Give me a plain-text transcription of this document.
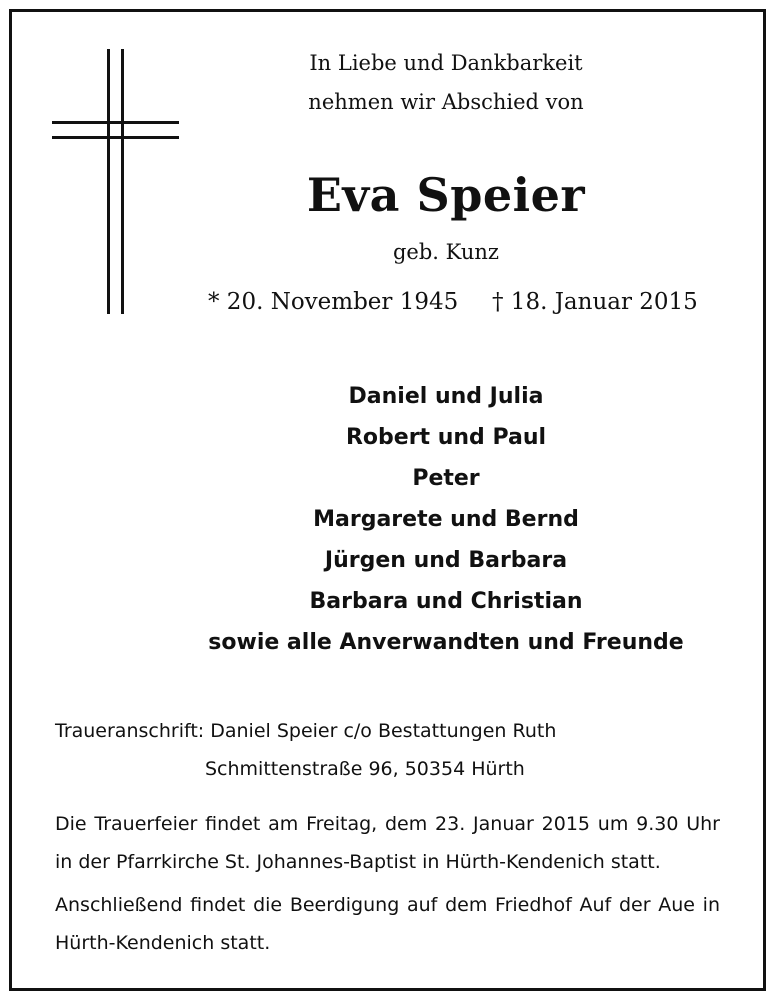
In Liebe und Dankbarkeit
nehmen wir Abschied von
Eva Speier
geb. Kunz
* 20. November 1945 † 18. Januar 2015
Daniel und Julia
Robert und Paul
Peter
Margarete und Bernd
Jürgen und Barbara
Barbara und Christian
sowie alle Anverwandten und Freunde
Traueranschrift: Daniel Speier c/o Bestattungen Ruth
Schmittenstraße 96, 50354 Hürth
Die Trauerfeier findet am Freitag, dem 23. Januar 2015 um 9.30 Uhr in der Pfarrkirche St. Johannes-Baptist in Hürth-Kendenich statt.
Anschließend findet die Beerdigung auf dem Friedhof Auf der Aue in Hürth-Kendenich statt.
